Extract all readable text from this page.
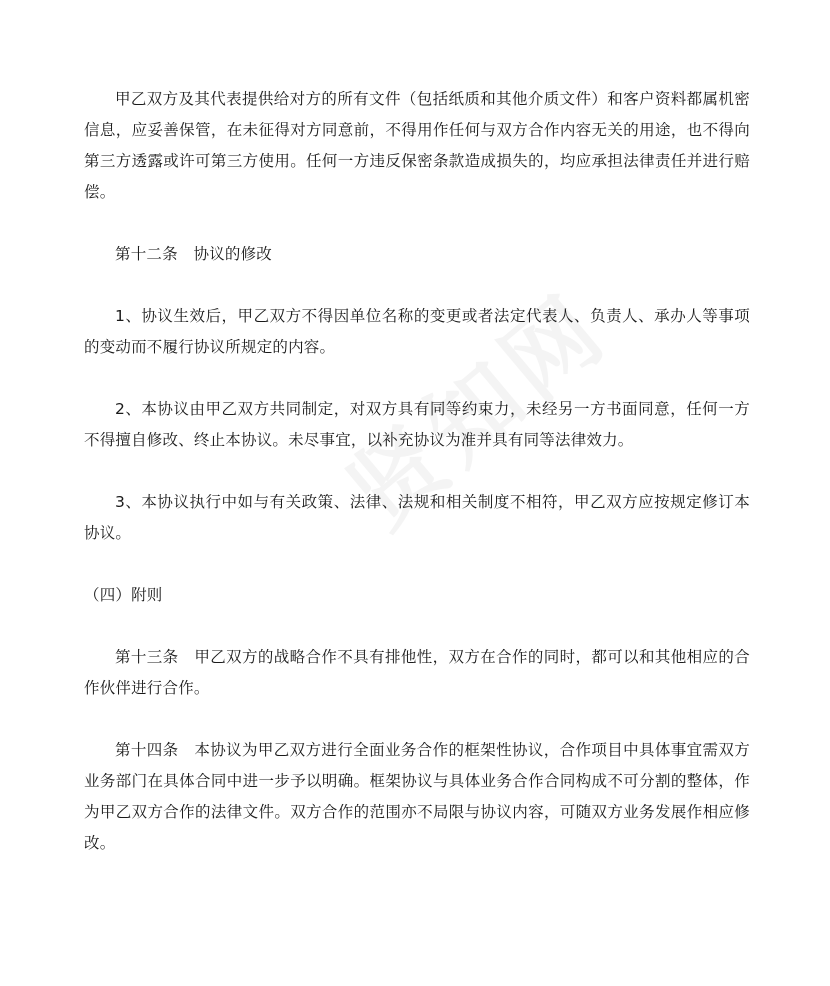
甲乙双方及其代表提供给对方的所有文件（包括纸质和其他介质文件）和客户资料都属机密信息，应妥善保管，在未征得对方同意前，不得用作任何与双方合作内容无关的用途，也不得向第三方透露或许可第三方使用。任何一方违反保密条款造成损失的，均应承担法律责任并进行赔偿。

第十二条　协议的修改

1、协议生效后，甲乙双方不得因单位名称的变更或者法定代表人、负责人、承办人等事项的变动而不履行协议所规定的内容。

2、本协议由甲乙双方共同制定，对双方具有同等约束力，未经另一方书面同意，任何一方不得擅自修改、终止本协议。未尽事宜，以补充协议为准并具有同等法律效力。

3、本协议执行中如与有关政策、法律、法规和相关制度不相符，甲乙双方应按规定修订本协议。

（四）附则

第十三条　甲乙双方的战略合作不具有排他性，双方在合作的同时，都可以和其他相应的合作伙伴进行合作。

第十四条　本协议为甲乙双方进行全面业务合作的框架性协议，合作项目中具体事宜需双方业务部门在具体合同中进一步予以明确。框架协议与具体业务合作合同构成不可分割的整体，作为甲乙双方合作的法律文件。双方合作的范围亦不局限与协议内容，可随双方业务发展作相应修改。
